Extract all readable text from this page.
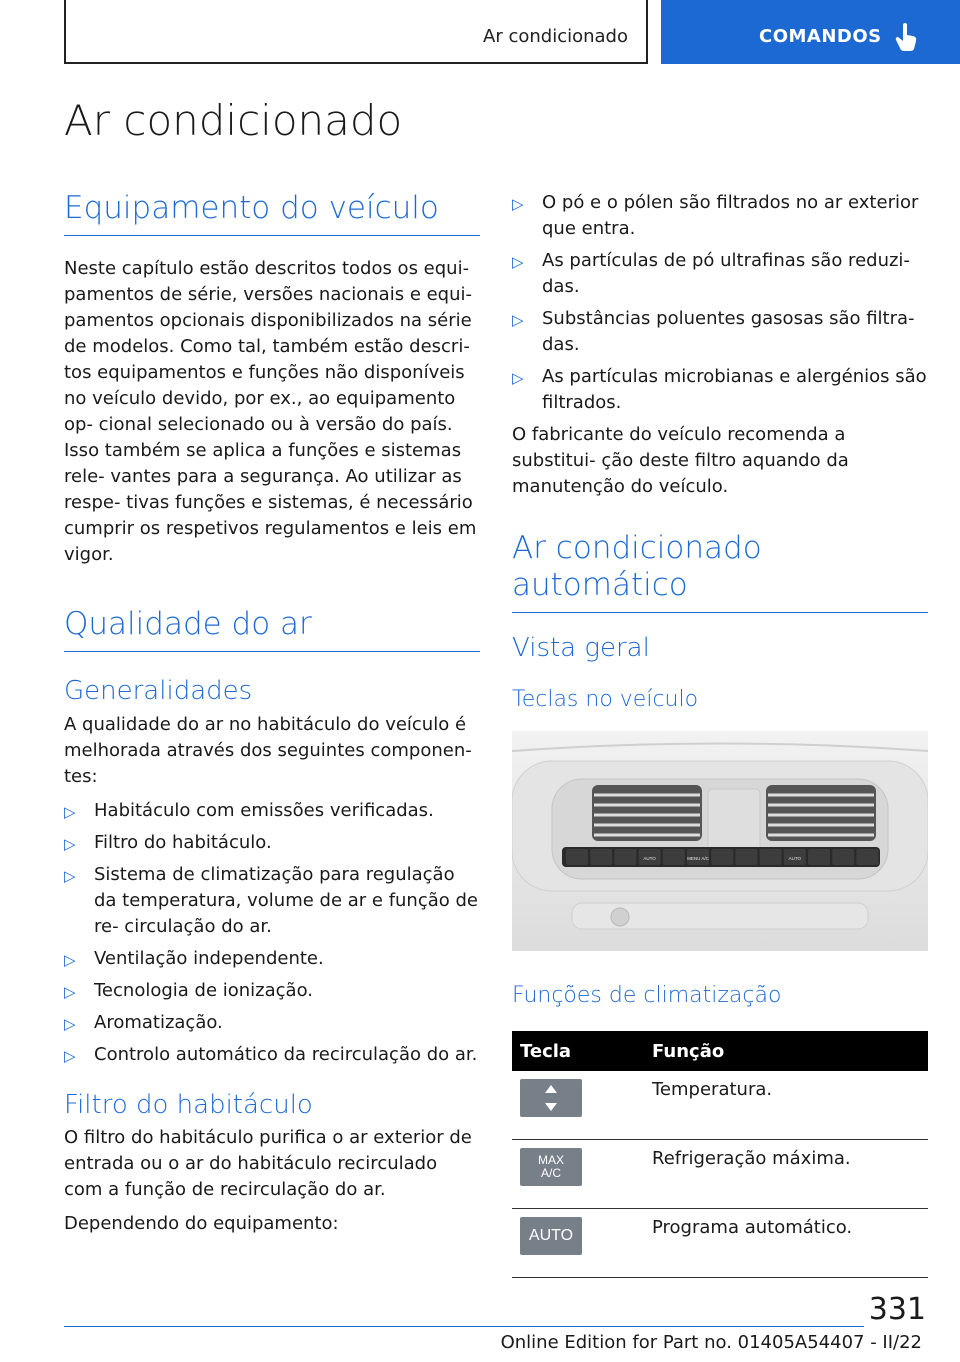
Ar condicionado	COMANDOS
Ar condicionado
Equipamento do veículo

Neste capítulo estão descritos todos os equi- pamentos de série, versões nacionais e equi- pamentos opcionais disponibilizados na série de modelos. Como tal, também estão descri- tos equipamentos e funções não disponíveis no veículo devido, por ex., ao equipamento op- cional selecionado ou à versão do país. Isso também se aplica a funções e sistemas rele- vantes para a segurança. Ao utilizar as respe- tivas funções e sistemas, é necessário cumprir os respetivos regulamentos e leis em vigor.

Qualidade do ar
Generalidades

A qualidade do ar no habitáculo do veículo é melhorada através dos seguintes componen- tes:

▷ Habitáculo com emissões verificadas.
▷ Filtro do habitáculo.
▷ Sistema de climatização para regulação da temperatura, volume de ar e função de re- circulação do ar.
▷ Ventilação independente.
▷ Tecnologia de ionização.
▷ Aromatização.
▷ Controlo automático da recirculação do ar.
Filtro do habitáculo

O filtro do habitáculo purifica o ar exterior de entrada ou o ar do habitáculo recirculado com a função de recirculação do ar.

Dependendo do equipamento:

▷ O pó e o pólen são filtrados no ar exterior que entra.
▷ As partículas de pó ultrafinas são reduzi- das.
▷ Substâncias poluentes gasosas são filtra- das.
▷ As partículas microbianas e alergénios são filtrados.

O fabricante do veículo recomenda a substitui- ção deste filtro aquando da manutenção do veículo.

Ar condicionado automático
Vista geral
Teclas no veículo
AUTO	MENU A/C	AUTO
Funções de climatização
Tecla	Função

	Temperatura.

MAX A/C	Refrigeração máxima.

AUTO	Programa automático.
331
Online Edition for Part no. 01405A54407 - II/22
